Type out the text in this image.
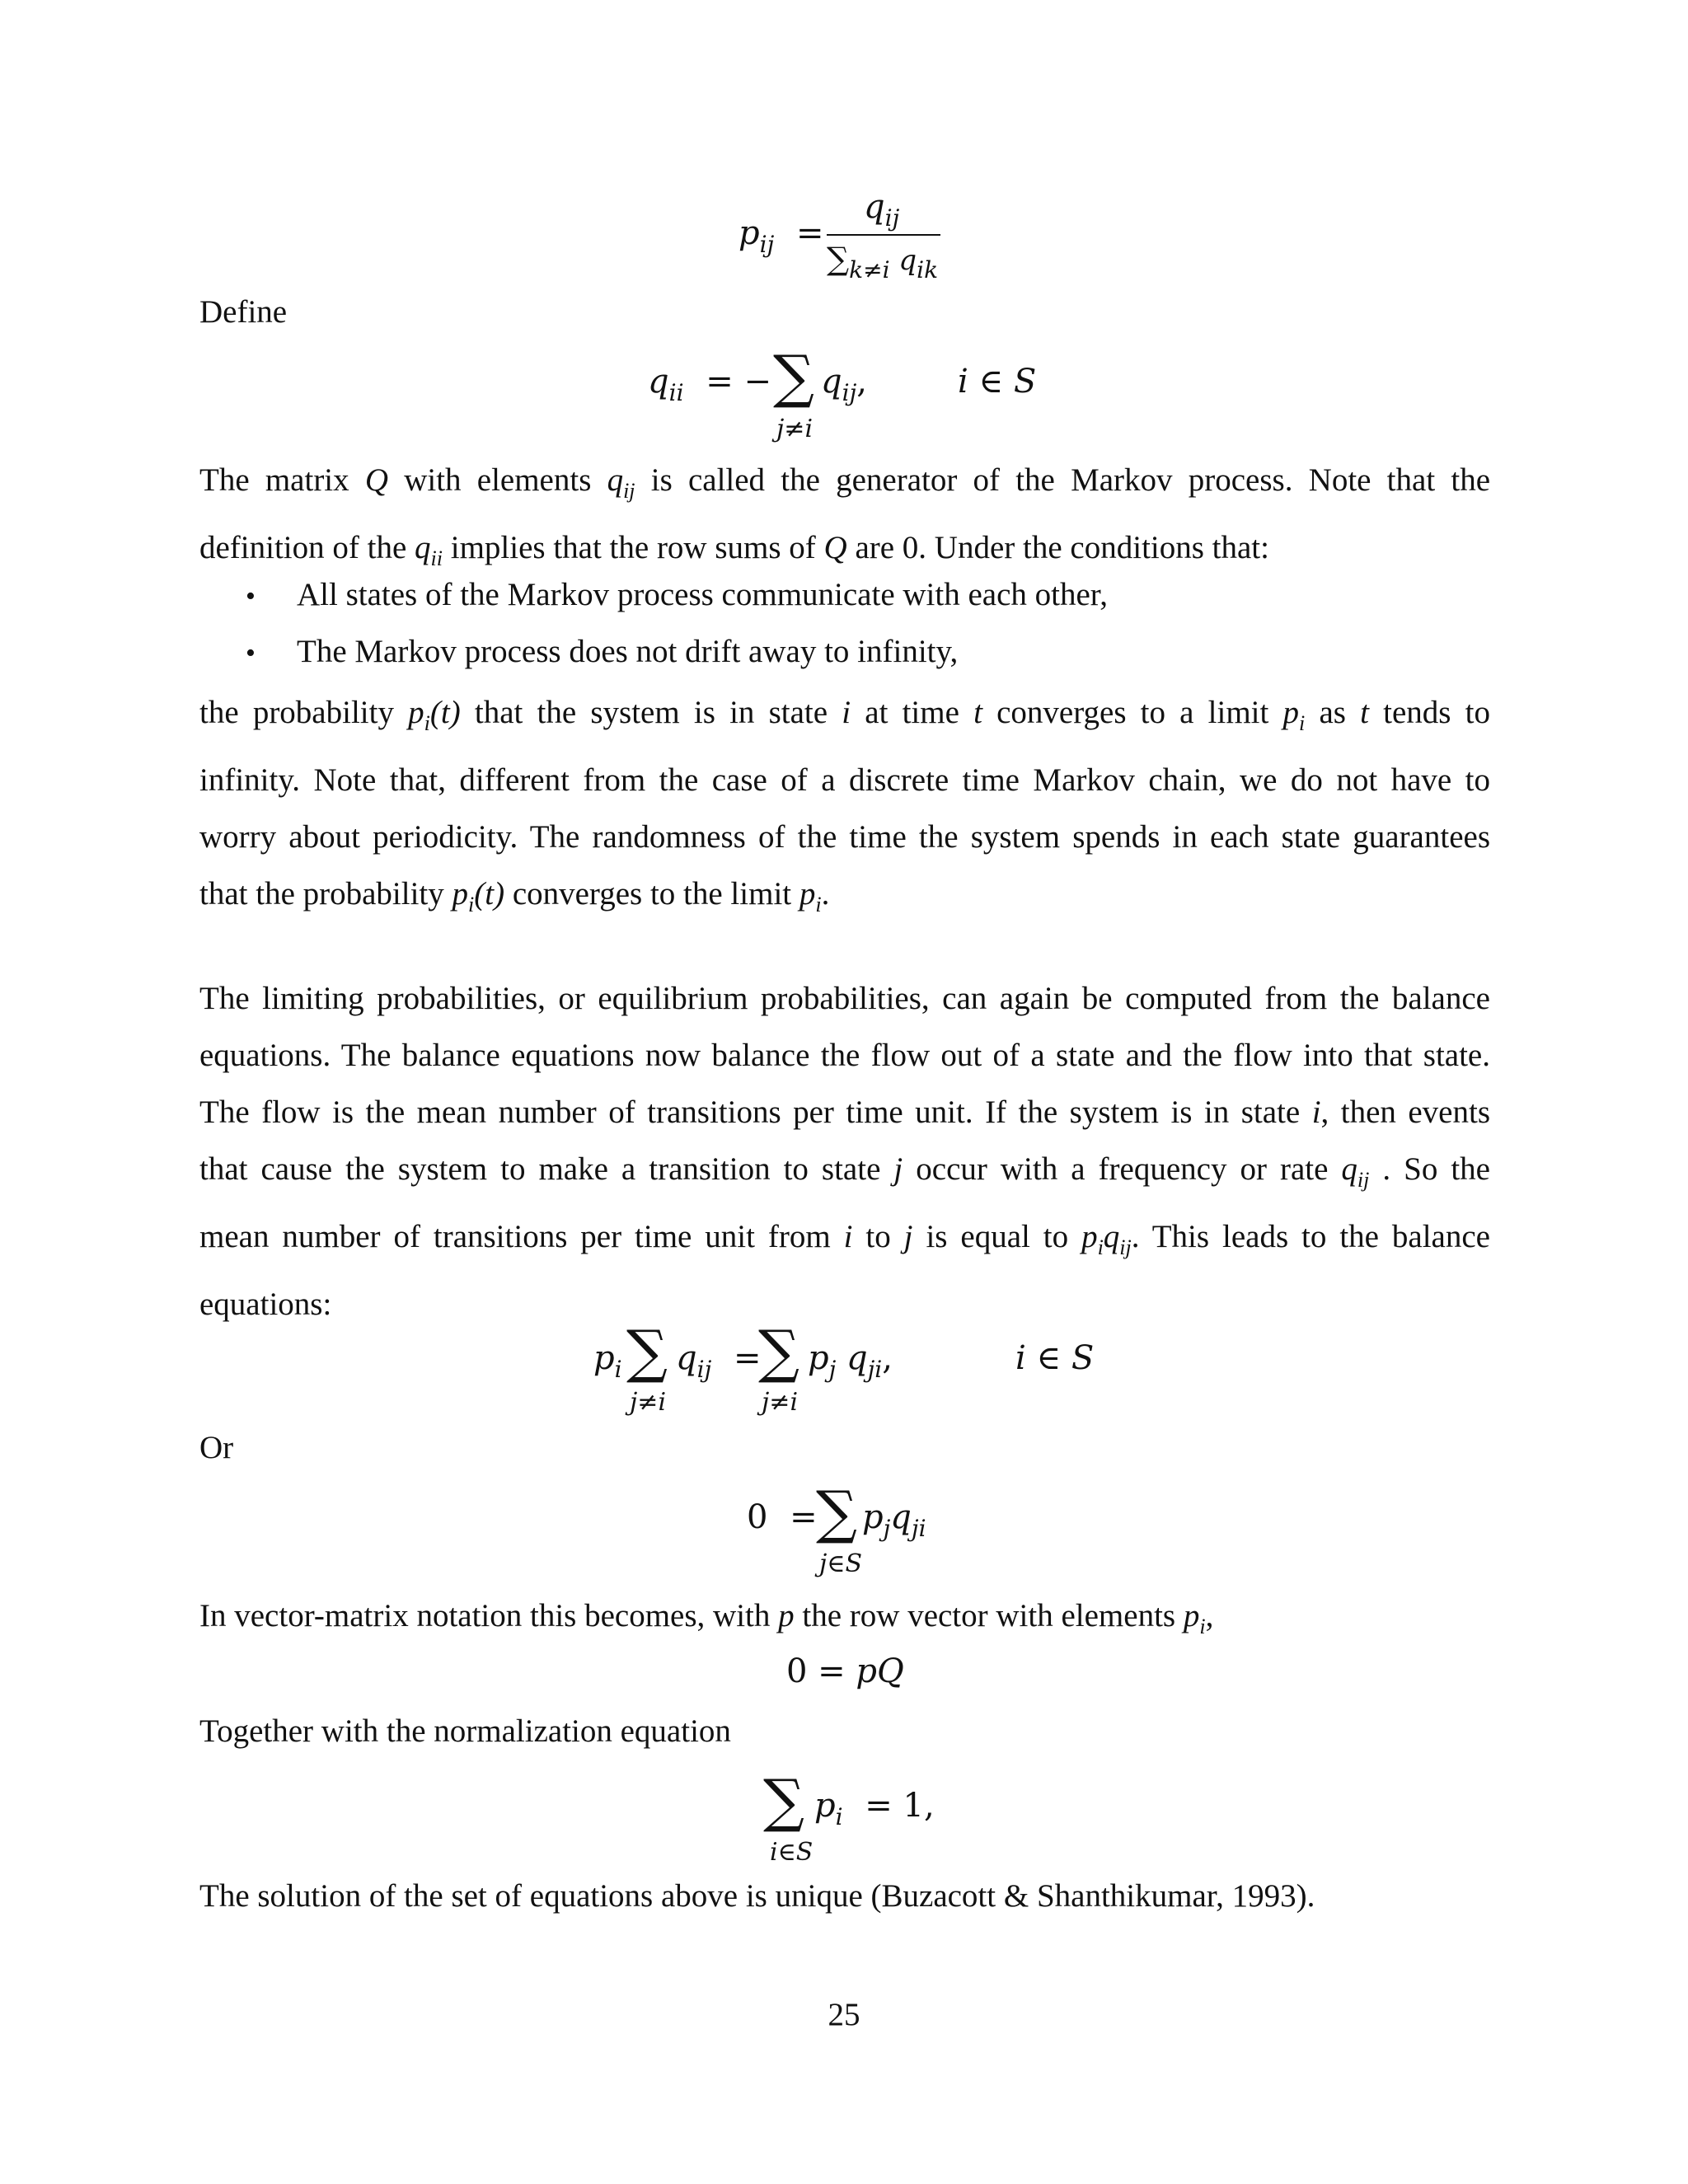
$p_{ij}$ =
$q_{ij}$
$\sum_{k\ne i}$ $q_{ik}$

Define

$q_{ii}$ = − ∑
j≠i
$q_{ij}$,	i ∈ S
The matrix Q with elements $q_{ij}$ is called the generator of the Markov process. Note that the
definition of the $q_{ii}$ implies that the row sums of Q are 0. Under the conditions that:
• All states of the Markov process communicate with each other,
• The Markov process does not drift away to infinity,
the probability $p_i(t)$ that the system is in state i at time t converges to a limit $p_i$ as t tends to
infinity. Note that, different from the case of a discrete time Markov chain, we do not have to
worry about periodicity. The randomness of the time the system spends in each state guarantees
that the probability $p_i(t)$ converges to the limit $p_i$.
The limiting probabilities, or equilibrium probabilities, can again be computed from the balance
equations. The balance equations now balance the flow out of a state and the flow into that state.
The flow is the mean number of transitions per time unit. If the system is in state i, then events
that cause the system to make a transition to state j occur with a frequency or rate $q_{ij}$ . So the
mean number of transitions per time unit from i to j is equal to $p_iq_{ij}$. This leads to the balance
equations:
$p_i$ ∑
j≠i
$q_{ij}$ =
∑
j≠i
$p_j$ $q_{ji}$,	i ∈ S

Or

0 =
∑
j∈S
$p_jq_{ji}$

In vector-matrix notation this becomes, with p the row vector with elements $p_i$,

0 = pQ

Together with the normalization equation

∑
i∈S
$p_i = 1$,

The solution of the set of equations above is unique (Buzacott & Shanthikumar, 1993).

25
